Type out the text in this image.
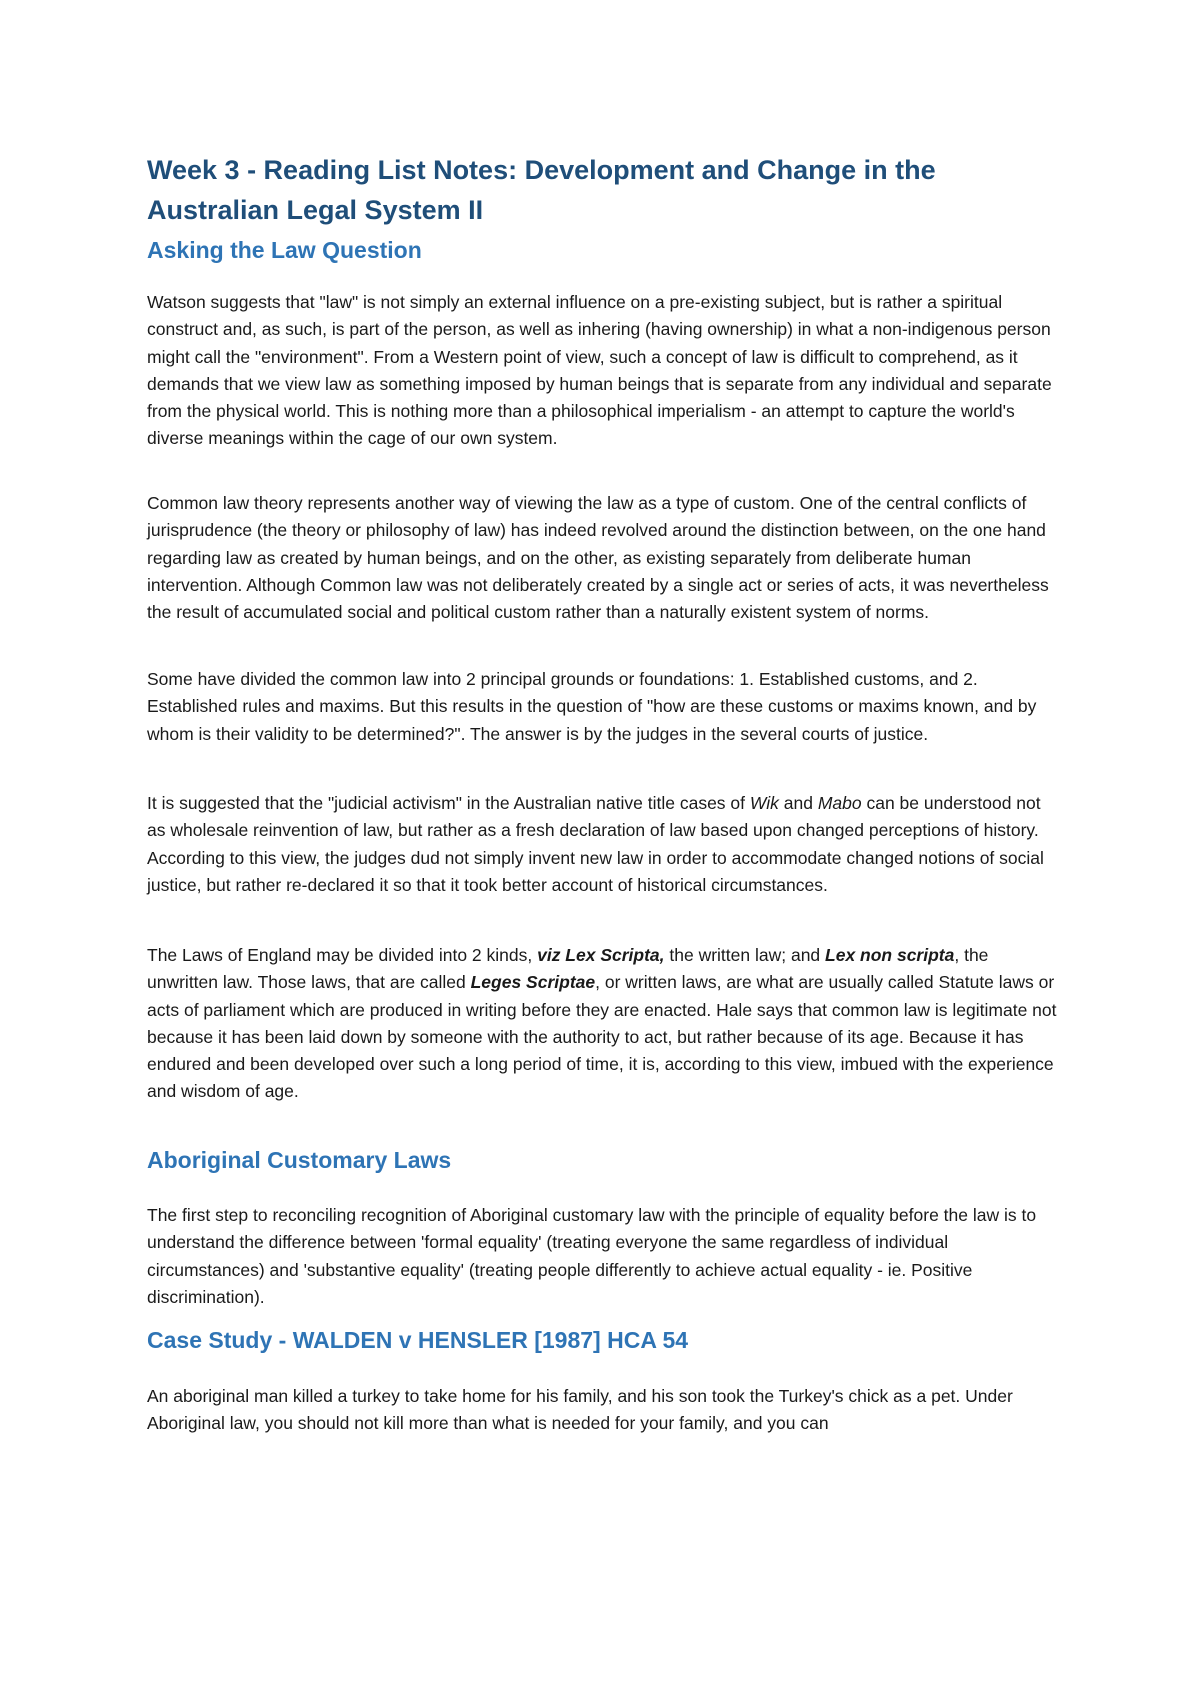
Week 3 - Reading List Notes: Development and Change in the Australian Legal System II
Asking the Law Question

Watson suggests that "law" is not simply an external influence on a pre-existing subject, but is rather a spiritual construct and, as such, is part of the person, as well as inhering (having ownership) in what a non-indigenous person might call the "environment". From a Western point of view, such a concept of law is difficult to comprehend, as it demands that we view law as something imposed by human beings that is separate from any individual and separate from the physical world. This is nothing more than a philosophical imperialism - an attempt to capture the world's diverse meanings within the cage of our own system.

Common law theory represents another way of viewing the law as a type of custom. One of the central conflicts of jurisprudence (the theory or philosophy of law) has indeed revolved around the distinction between, on the one hand regarding law as created by human beings, and on the other, as existing separately from deliberate human intervention. Although Common law was not deliberately created by a single act or series of acts, it was nevertheless the result of accumulated social and political custom rather than a naturally existent system of norms.

Some have divided the common law into 2 principal grounds or foundations: 1. Established customs, and 2. Established rules and maxims. But this results in the question of "how are these customs or maxims known, and by whom is their validity to be determined?". The answer is by the judges in the several courts of justice.

It is suggested that the "judicial activism" in the Australian native title cases of Wik and Mabo can be understood not as wholesale reinvention of law, but rather as a fresh declaration of law based upon changed perceptions of history. According to this view, the judges dud not simply invent new law in order to accommodate changed notions of social justice, but rather re-declared it so that it took better account of historical circumstances.

The Laws of England may be divided into 2 kinds, viz Lex Scripta, the written law; and Lex non scripta, the unwritten law. Those laws, that are called Leges Scriptae, or written laws, are what are usually called Statute laws or acts of parliament which are produced in writing before they are enacted. Hale says that common law is legitimate not because it has been laid down by someone with the authority to act, but rather because of its age. Because it has endured and been developed over such a long period of time, it is, according to this view, imbued with the experience and wisdom of age.

Aboriginal Customary Laws

The first step to reconciling recognition of Aboriginal customary law with the principle of equality before the law is to understand the difference between 'formal equality' (treating everyone the same regardless of individual circumstances) and 'substantive equality' (treating people differently to achieve actual equality - ie. Positive discrimination).

Case Study - WALDEN v HENSLER [1987] HCA 54

An aboriginal man killed a turkey to take home for his family, and his son took the Turkey's chick as a pet. Under Aboriginal law, you should not kill more than what is needed for your family, and you can
